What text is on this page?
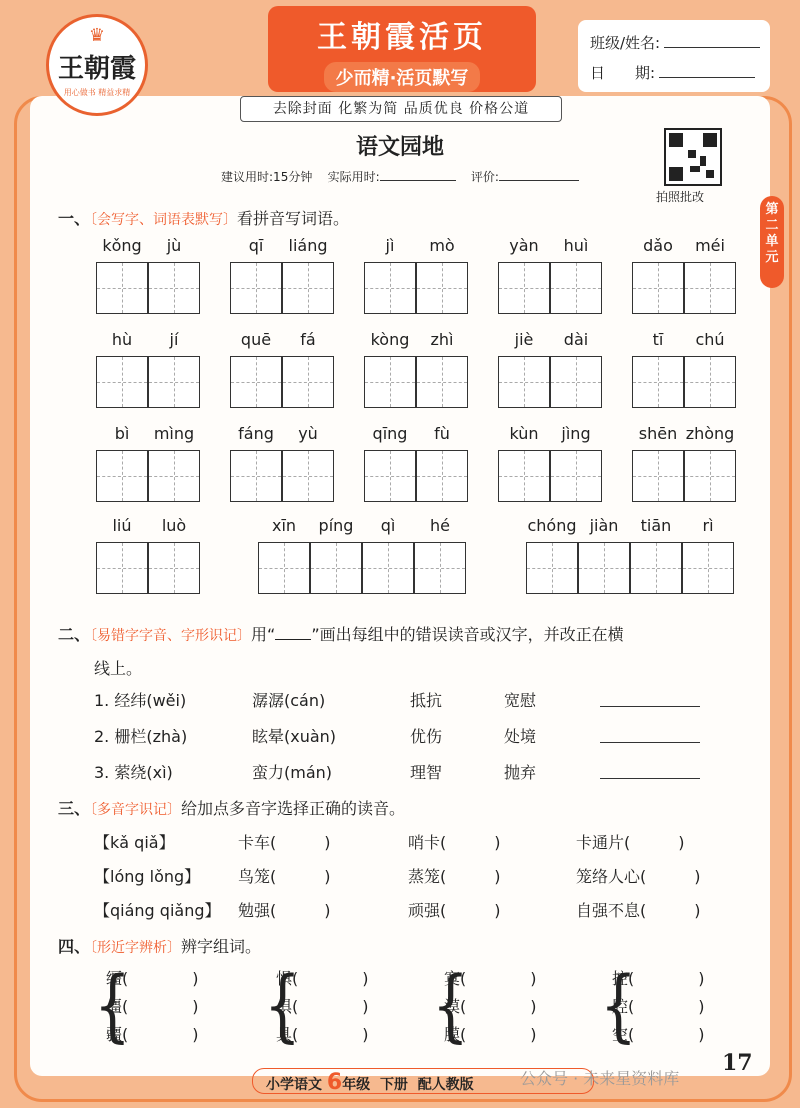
♛
王朝霞
用心做书 精益求精
王朝霞活页
少而精·活页默写
班级/姓名:
日　　期:
去除封面 化繁为简 品质优良 价格公道
语文园地
建议用时:15分钟 实际用时:	评价:
拍照批改
第二单元
一、〔会写字、词语表默写〕看拼音写词语。
kǒng	jù	qī	liáng	jì	mò	yàn	huì	dǎo	méi
hù	jí	quē	fá	kòng	zhì	jiè	dài	tī	chú
bì	mìng	fáng	yù	qīng	fù	kùn	jìng	shēn zhòng
liú	luò	xīn	píng	qì	hé	chóng jiàn	tiān	rì
二、〔易错字字音、字形识记〕用“ ”画出每组中的错误读音或汉字，并改正在横
线上。
1. 经纬(wěi)	潺潺(cán)	抵抗	宽慰
2. 栅栏(zhà)	眩晕(xuàn)	优伤	处境
3. 萦绕(xì)	蛮力(mán)	理智	抛弃
三、〔多音字识记〕给加点多音字选择正确的读音。
【kǎ qiǎ】	卡车(　　　)	哨卡(　　　)	卡通片(　　　)
【lóng lǒng】 鸟笼(　　　)	蒸笼(　　　)	笼络人心(　　　)
【qiáng qiǎng】 勉强(　　　)	顽强(　　　)	自强不息(　　　)
四、〔形近字辨析〕辨字组词。
{
缰(　　　　)
僵(　　　　)
疆(　　　　) {
惧(　　　　)
俱(　　　　)
具(　　　　) {
寞(　　　　)
漠(　　　　)
膜(　　　　) {
控(　　　　)
腔(　　　　)
空(　　　　)
小学语文 6年级 下册 配人教版	公众号 · 未来星资料库
17
